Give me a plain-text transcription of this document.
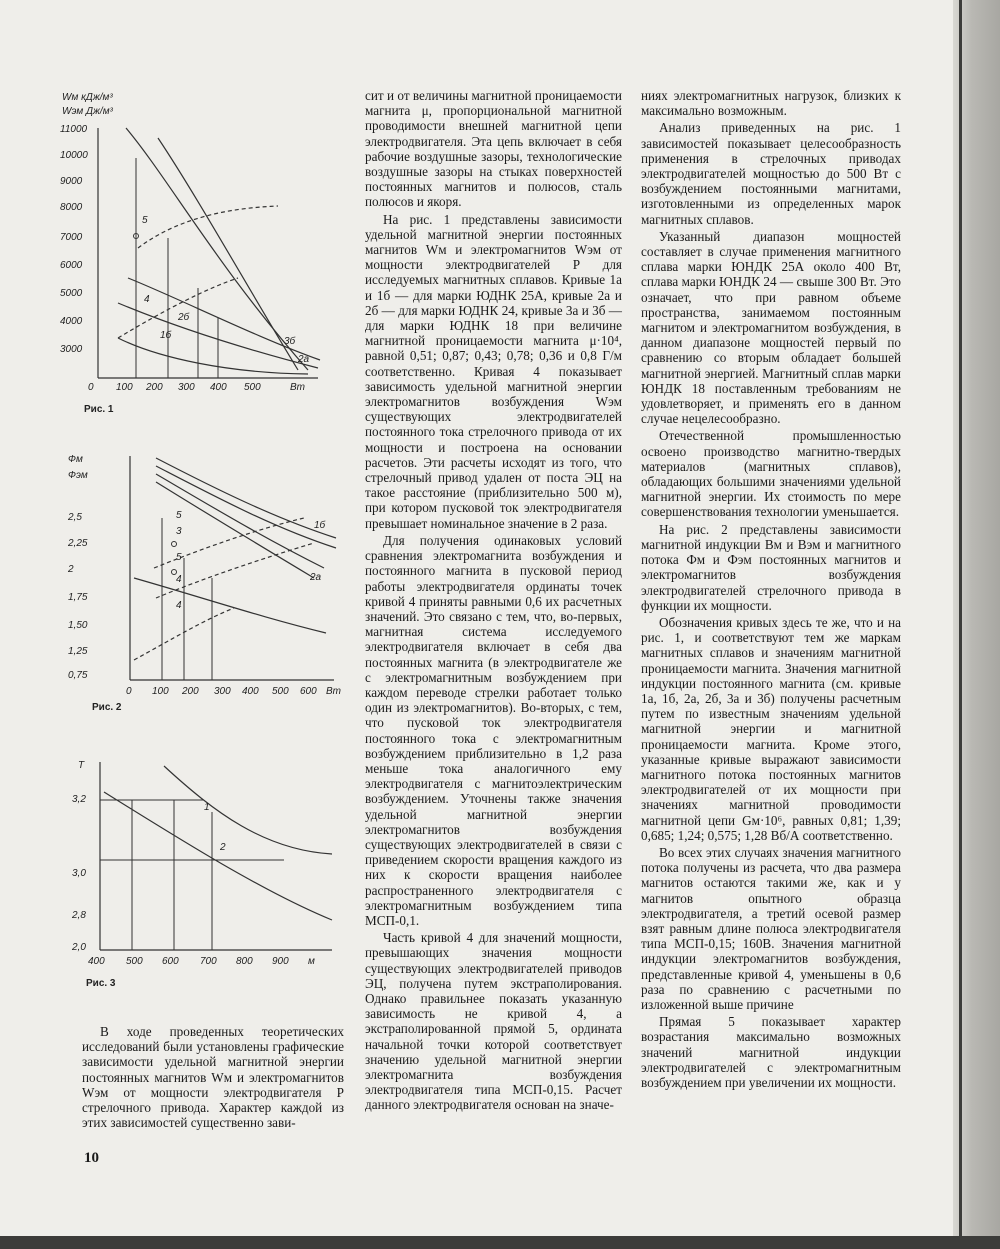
Wм кДж/м³
Wэм Дж/м³
11000
10000
9000
8000
7000
6000
5000
4000
3000
0 100 200 300 400 500	Вт
5
4
2б
1б
3б
2а
Рис. 1
Фм
Фэм
2,5
2,25
2
1,75
1,50
1,25
0,75
0 100 200 300 400 500 600 Вт
5
3
1б
5
4	2а
4
Рис. 2
Т
3,2
3,0
2,8
2,0
400 500 600 700 800 900 м
1
2
Рис. 3

В ходе проведенных теоретических исследований были установлены графические зависимости удельной магнитной энергии постоянных магнитов Wм и электромагнитов Wэм от мощности электродвигателя Р стрелочного привода. Характер каждой из этих зависимостей существенно зави-

сит и от величины магнитной проницаемости магнита μ, пропорциональной магнитной проводимости внешней магнитной цепи электродвигателя. Эта цепь включает в себя рабочие воздушные зазоры, технологические воздушные зазоры на стыках поверхностей постоянных магнитов и полюсов, сталь полюсов и якоря.

На рис. 1 представлены зависимости удельной магнитной энергии постоянных магнитов Wм и электромагнитов Wэм от мощности электродвигателей Р для исследуемых магнитных сплавов. Кривые 1а и 1б — для марки ЮДНК 25А, кривые 2а и 2б — для марки ЮДНК 24, кривые 3а и 3б — для марки ЮДНК 18 при величине магнитной проницаемости магнита μ·10⁴, равной 0,51; 0,87; 0,43; 0,78; 0,36 и 0,8 Г/м соответственно. Кривая 4 показывает зависимость удельной магнитной энергии электромагнитов возбуждения Wэм существующих электродвигателей постоянного тока стрелочного привода от их мощности и построена на основании расчетов. Эти расчеты исходят из того, что стрелочный привод удален от поста ЭЦ на такое расстояние (приблизительно 500 м), при котором пусковой ток электродвигателя превышает номинальное значение в 2 раза.

Для получения одинаковых условий сравнения электромагнита возбуждения и постоянного магнита в пусковой период работы электродвигателя ординаты точек кривой 4 приняты равными 0,6 их расчетных значений. Это связано с тем, что, во-первых, магнитная система исследуемого электродвигателя включает в себя два постоянных магнита (в электродвигателе же с электромагнитным возбуждением при каждом переводе стрелки работает только один из электромагнитов). Во-вторых, с тем, что пусковой ток электродвигателя постоянного тока с электромагнитным возбуждением приблизительно в 1,2 раза меньше тока аналогичного ему электродвигателя с магнитоэлектрическим возбуждением. Уточнены также значения удельной магнитной энергии электромагнитов возбуждения существующих электродвигателей в связи с приведением скорости вращения каждого из них к скорости вращения наиболее распространенного электродвигателя с электромагнитным возбуждением типа МСП-0,1.

Часть кривой 4 для значений мощности, превышающих значения мощности существующих электродвигателей приводов ЭЦ, получена путем экстраполирования. Однако правильнее показать указанную зависимость не кривой 4, а экстраполированной прямой 5, ордината начальной точки которой соответствует значению удельной магнитной энергии электромагнита возбуждения электродвигателя типа МСП-0,15. Расчет данного электродвигателя основан на значе-

ниях электромагнитных нагрузок, близких к максимально возможным.

Анализ приведенных на рис. 1 зависимостей показывает целесообразность применения в стрелочных приводах электродвигателей мощностью до 500 Вт с возбуждением постоянными магнитами, изготовленными из определенных марок магнитных сплавов.

Указанный диапазон мощностей составляет в случае применения магнитного сплава марки ЮНДК 25А около 400 Вт, сплава марки ЮНДК 24 — свыше 300 Вт. Это означает, что при равном объеме пространства, занимаемом постоянным магнитом и электромагнитом возбуждения, в данном диапазоне мощностей первый по сравнению со вторым обладает большей магнитной энергией. Магнитный сплав марки ЮНДК 18 поставленным требованиям не удовлетворяет, и применять его в данном случае нецелесообразно.

Отечественной промышленностью освоено производство магнитно-твердых материалов (магнитных сплавов), обладающих большими значениями удельной магнитной энергии. Их стоимость по мере совершенствования технологии уменьшается.

На рис. 2 представлены зависимости магнитной индукции Вм и Вэм и магнитного потока Фм и Фэм постоянных магнитов и электромагнитов возбуждения электродвигателей стрелочного привода в функции их мощности.

Обозначения кривых здесь те же, что и на рис. 1, и соответствуют тем же маркам магнитных сплавов и значениям магнитной проницаемости магнита. Значения магнитной индукции постоянного магнита (см. кривые 1а, 1б, 2а, 2б, 3а и 3б) получены расчетным путем по известным значениям удельной магнитной энергии и магнитной проницаемости магнита. Кроме этого, указанные кривые выражают зависимости магнитного потока постоянных магнитов электродвигателей от их мощности при значениях магнитной проводимости магнитной цепи Gм·10⁶, равных 0,81; 1,39; 0,685; 1,24; 0,575; 1,28 Вб/А соответственно.

Во всех этих случаях значения магнитного потока получены из расчета, что два размера магнитов остаются такими же, как и у магнитов опытного образца электродвигателя, а третий осевой размер взят равным длине полюса электродвигателя типа МСП-0,15; 160В. Значения магнитной индукции электромагнитов возбуждения, представленные кривой 4, уменьшены в 0,6 раза по сравнению с расчетными по изложенной выше причине

Прямая 5 показывает характер возрастания максимально возможных значений магнитной индукции электродвигателей с электромагнитным возбуждением при увеличении их мощности.

10
